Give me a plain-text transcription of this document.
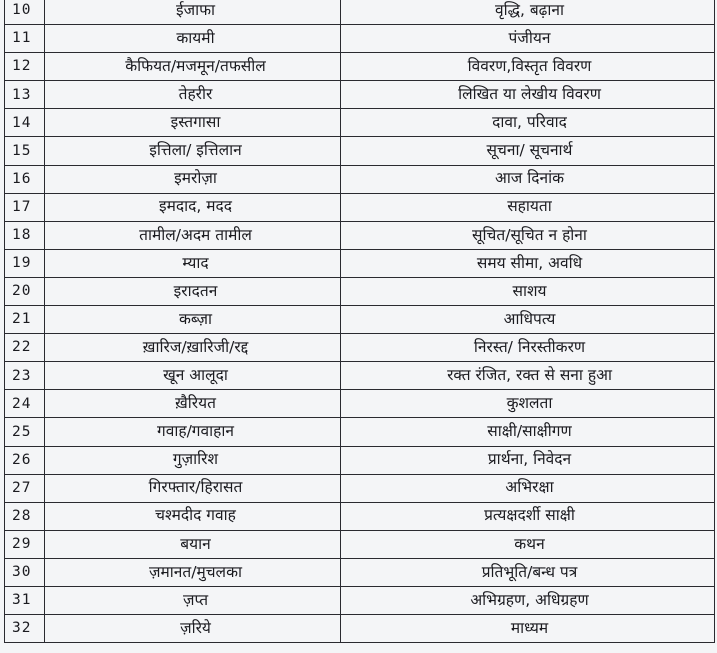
10	ईजाफा	वृद्धि, बढ़ाना
11	कायमी	पंजीयन
12	कैफियत/मजमून/तफसील	विवरण,विस्तृत विवरण
13	तेहरीर	लिखित या लेखीय विवरण
14	इस्तगासा	दावा, परिवाद
15	इत्तिला/ इत्तिलान	सूचना/ सूचनार्थ
16	इमरोज़ा	आज दिनांक
17	इमदाद, मदद	सहायता
18	तामील/अदम तामील	सूचित/सूचित न होना
19	म्याद	समय सीमा, अवधि
20	इरादतन	साशय
21	कब्ज़ा	आधिपत्य
22	ख़ारिज/ख़ारिजी/रद्द	निरस्त/ निरस्तीकरण
23	खून आलूदा	रक्त रंजित, रक्त से सना हुआ
24	ख़ैरियत	कुशलता
25	गवाह/गवाहान	साक्षी/साक्षीगण
26	गुज़ारिश	प्रार्थना, निवेदन
27	गिरफ्तार/हिरासत	अभिरक्षा
28	चश्मदीद गवाह	प्रत्यक्षदर्शी साक्षी
29	बयान	कथन
30	ज़मानत/मुचलका	प्रतिभूति/बन्ध पत्र
31	ज़प्त	अभिग्रहण, अधिग्रहण
32	ज़रिये	माध्यम
